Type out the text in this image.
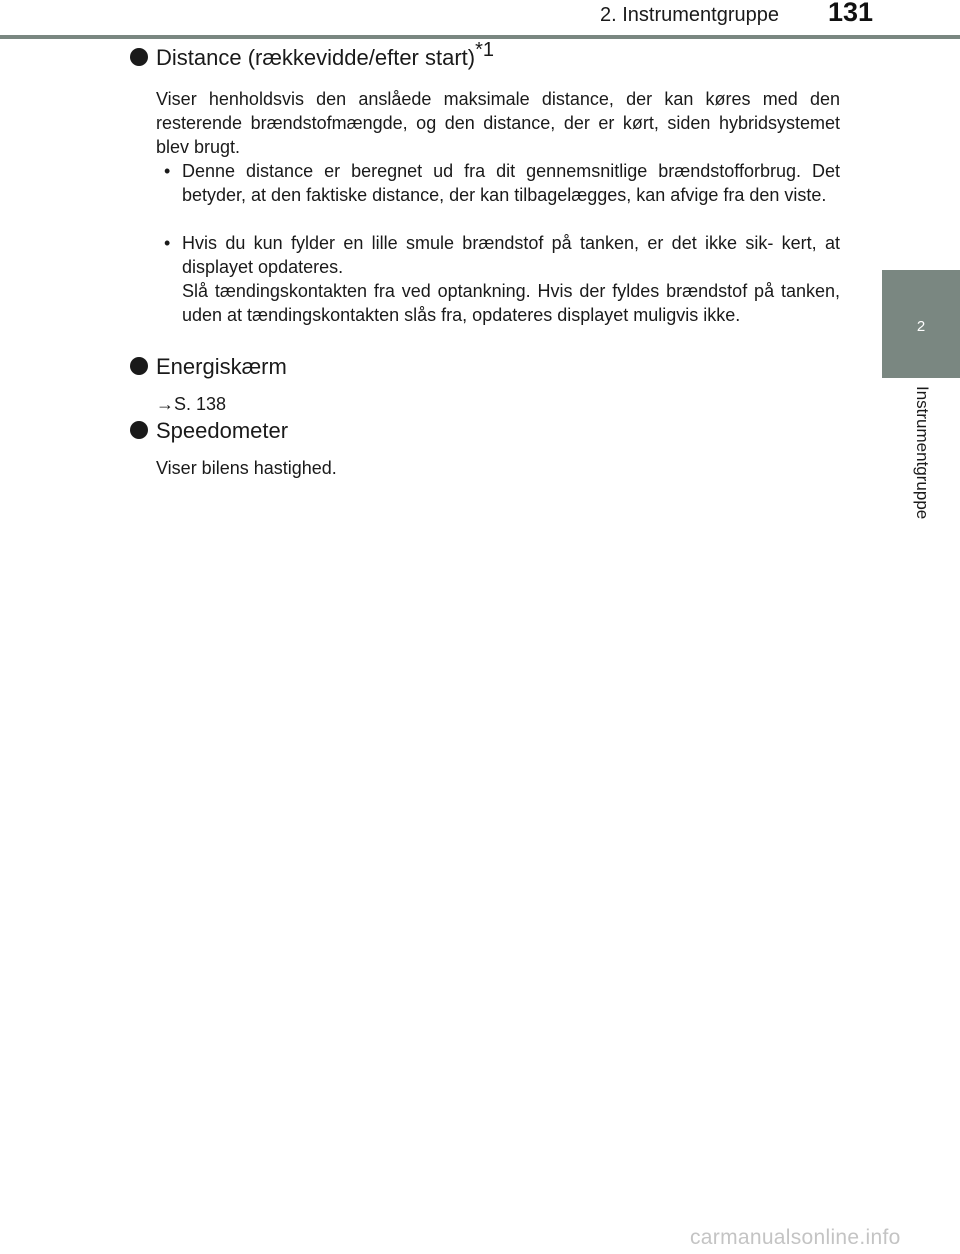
2. Instrumentgruppe 131
2
Instrumentgruppe
Distance (rækkevidde/efter start)*1
Viser henholdsvis den anslåede maksimale distance, der kan køres med den resterende brændstofmængde, og den distance, der er kørt, siden hybridsystemet blev brugt.
• Denne distance er beregnet ud fra dit gennemsnitlige brændstofforbrug. Det betyder, at den faktiske distance, der kan tilbagelægges, kan afvige fra den viste.
• Hvis du kun fylder en lille smule brændstof på tanken, er det ikke sik- kert, at displayet opdateres.
Slå tændingskontakten fra ved optankning. Hvis der fyldes brændstof på tanken, uden at tændingskontakten slås fra, opdateres displayet muligvis ikke.
Energiskærm
→S. 138
Speedometer
Viser bilens hastighed.
carmanualsonline.info
